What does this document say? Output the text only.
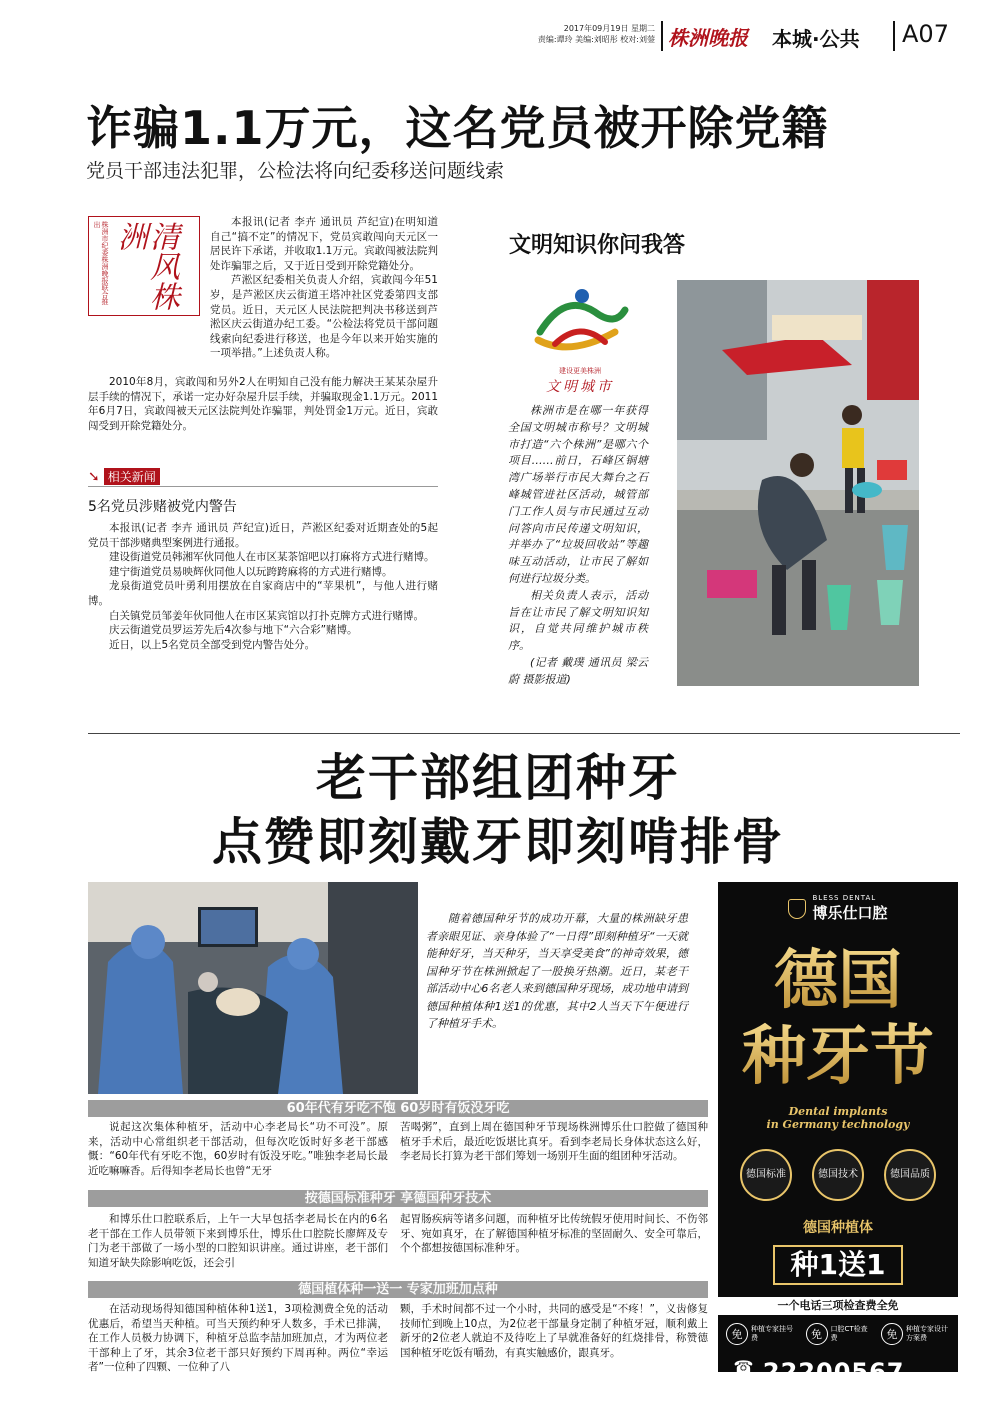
2017年09月19日 星期二
责编:谭玲 美编:刘昭彤 校对:刘蓥 株洲晚报 本城·公共 A07
诈骗1.1万元，这名党员被开除党籍
党员干部违法犯罪，公检法将向纪委移送问题线索
株洲市纪委株洲晚报联合推出	清风株洲	本报讯(记者 李卉 通讯员 芦纪宣)在明知道自己“搞不定”的情况下，党员宾敢闯向天元区一居民许下承诺，并收取1.1万元。宾敢闯被法院判处诈骗罪之后，又于近日受到开除党籍处分。

芦淞区纪委相关负责人介绍，宾敢闯今年51岁，是芦淞区庆云街道王塔冲社区党委第四支部党员。近日，天元区人民法院把判决书移送到芦淞区庆云街道办纪工委。“公检法将党员干部问题线索向纪委进行移送，也是今年以来开始实施的一项举措。”上述负责人称。

2010年8月，宾敢闯和另外2人在明知自己没有能力解决王某某杂屋升层手续的情况下，承诺一定办好杂屋升层手续，并骗取现金1.1万元。2011年6月7日，宾敢闯被天元区法院判处诈骗罪，判处罚金1万元。近日，宾敢闯受到开除党籍处分。

➘ 相关新闻
5名党员涉赌被党内警告

本报讯(记者 李卉 通讯员 芦纪宣)近日，芦淞区纪委对近期查处的5起党员干部涉赌典型案例进行通报。

建设街道党员韩湘军伙同他人在市区某茶馆吧以打麻将方式进行赌博。

建宁街道党员易映辉伙同他人以玩跨跨麻将的方式进行赌博。

龙泉街道党员叶勇利用摆放在自家商店中的“苹果机”，与他人进行赌博。

白关镇党员邹姜年伙同他人在市区某宾馆以打扑克牌方式进行赌博。

庆云街道党员罗运芳先后4次参与地下“六合彩”赌博。

近日，以上5名党员全部受到党内警告处分。

文明知识你问我答
建设更美株洲
文明城市

株洲市是在哪一年获得全国文明城市称号？文明城市打造“六个株洲”是哪六个项目……前日，石峰区铜塘湾广场举行市民大舞台之石峰城管进社区活动，城管部门工作人员与市民通过互动问答向市民传递文明知识，并举办了“垃圾回收站”等趣味互动活动，让市民了解如何进行垃圾分类。

相关负责人表示，活动旨在让市民了解文明知识知识，自觉共同维护城市秩序。

(记者 戴璞 通讯员 梁云蔚 摄影报道)

老干部组团种牙
点赞即刻戴牙即刻啃排骨

随着德国种牙节的成功开幕，大量的株洲缺牙患者亲眼见证、亲身体验了“一日得”即刻种植牙“一天就能种好牙，当天种牙，当天享受美食”的神奇效果，德国种牙节在株洲掀起了一股换牙热潮。近日，某老干部活动中心6名老人来到德国种牙现场，成功地申请到德国种植体种1送1的优惠，其中2人当天下午便进行了种植牙手术。

60年代有牙吃不饱 60岁时有饭没牙吃

说起这次集体种植牙，活动中心李老局长“功不可没”。原来，活动中心常组织老干部活动，但每次吃饭时好多老干部感慨：“60年代有牙吃不饱，60岁时有饭没牙吃。”唯独李老局长最近吃嘛嘛香。后得知李老局长也曾“无牙

苦喝粥”，直到上周在德国种牙节现场株洲博乐仕口腔做了德国种植牙手术后，最近吃饭堪比真牙。看到李老局长身体状态这么好，李老局长打算为老干部们筹划一场别开生面的组团种牙活动。

按德国标准种牙 享德国种牙技术

和博乐仕口腔联系后，上午一大早包括李老局长在内的6名老干部在工作人员带领下来到博乐仕，博乐仕口腔院长廖辉及专门为老干部做了一场小型的口腔知识讲座。通过讲座，老干部们知道牙缺失除影响吃饭，还会引

起胃肠疾病等诸多问题，而种植牙比传统假牙使用时间长、不伤邻牙、宛如真牙，在了解德国种植牙标准的坚固耐久、安全可靠后，个个都想按德国标准种牙。

德国植体种一送一 专家加班加点种

在活动现场得知德国种植体种1送1，3项检测费全免的活动优惠后，希望当天种植。可当天预约种牙人数多，手术已排满，在工作人员极力协调下，种植牙总监李喆加班加点，才为两位老干部种上了牙，其余3位老干部只好预约下周再种。两位“幸运者”一位种了四颗、一位种了八

颗，手术时间都不过一个小时，共同的感受是“不疼！”，义齿修复技师忙到晚上10点，为2位老干部量身定制了种植牙冠，顺利戴上新牙的2位老人就迫不及待吃上了早就准备好的红烧排骨，称赞德国种植牙吃饭有嚼劲，有真实触感价，跟真牙。

BLESS DENTAL
博乐仕口腔
德国
种牙节
Dental implants
in Germany technology
德国标准	德国技术	德国品质
德国种植体
种1送1
一个电话三项检查费全免
免	种植专家挂号费	免	口腔CT检查费	免	种植专家设计方案费
☎
0731 22200567
株洲市天元区炎帝广场银座201
